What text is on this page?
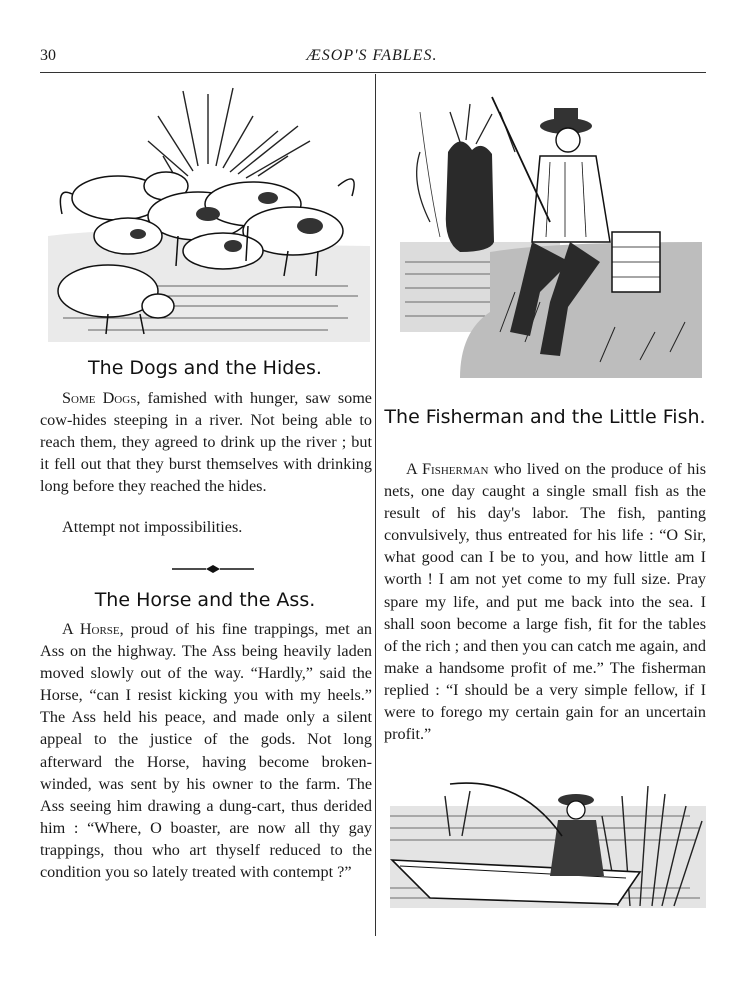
30	ÆSOP'S FABLES.
The Dogs and the Hides.

Some Dogs, famished with hunger, saw some cow-hides steeping in a river. Not being able to reach them, they agreed to drink up the river ; but it fell out that they burst themselves with drinking long before they reached the hides.

Attempt not impossibilities.
The Horse and the Ass.

A Horse, proud of his fine trappings, met an Ass on the highway. The Ass being heavily laden moved slowly out of the way. “Hardly,” said the Horse, “can I resist kicking you with my heels.” The Ass held his peace, and made only a silent appeal to the justice of the gods. Not long afterward the Horse, having become broken-winded, was sent by his owner to the farm. The Ass seeing him drawing a dung-cart, thus derided him : “Where, O boaster, are now all thy gay trappings, thou who art thyself reduced to the condition you so lately treated with contempt ?”

The Fisherman and the Little Fish.

A Fisherman who lived on the produce of his nets, one day caught a single small fish as the result of his day's labor. The fish, panting convulsively, thus entreated for his life : “O Sir, what good can I be to you, and how little am I worth ! I am not yet come to my full size. Pray spare my life, and put me back into the sea. I shall soon become a large fish, fit for the tables of the rich ; and then you can catch me again, and make a handsome profit of me.” The fisherman replied : “I should be a very simple fellow, if I were to forego my certain gain for an uncertain profit.”
